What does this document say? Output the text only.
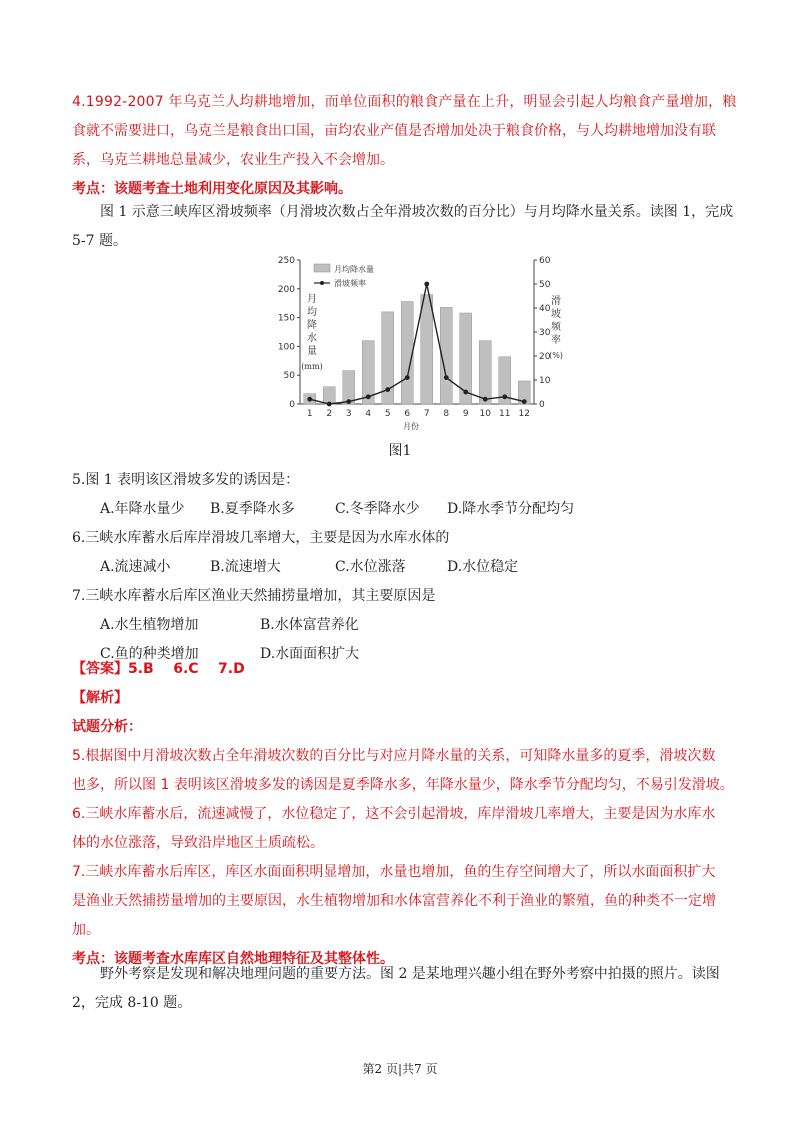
4.1992-2007 年乌克兰人均耕地增加，而单位面积的粮食产量在上升，明显会引起人均粮食产量增加，粮
食就不需要进口，乌克兰是粮食出口国，亩均农业产值是否增加处决于粮食价格，与人均耕地增加没有联
系，乌克兰耕地总量减少，农业生产投入不会增加。
考点：该题考查土地利用变化原因及其影响。
图 1 示意三峡库区滑坡频率（月滑坡次数占全年滑坡次数的百分比）与月均降水量关系。读图 1，完成
5-7 题。
0
50
100
150
200
250
0
10
20
30
40
50
60
1 2 3 4 5 6 7 8 9 10 11 12
月份
月
均
降
水
量
(mm)
滑
坡
频
率
(%)
月均降水量
滑坡频率
图1
5.图 1 表明该区滑坡多发的诱因是：
A.年降水量少 B.夏季降水多	C.冬季降水少 D.降水季节分配均匀
6.三峡水库蓄水后库岸滑坡几率增大，主要是因为水库水体的
A.流速减小	B.流速增大	C.水位涨落	D.水位稳定
7.三峡水库蓄水后库区渔业天然捕捞量增加，其主要原因是
A.水生植物增加	B.水体富营养化
C.鱼的种类增加	D.水面面积扩大
【答案】5.B    6.C    7.D
【解析】
试题分析：
5.根据图中月滑坡次数占全年滑坡次数的百分比与对应月降水量的关系，可知降水量多的夏季，滑坡次数
也多，所以图 1 表明该区滑坡多发的诱因是夏季降水多，年降水量少，降水季节分配均匀，不易引发滑坡。
6.三峡水库蓄水后，流速减慢了，水位稳定了，这不会引起滑坡，库岸滑坡几率增大，主要是因为水库水
体的水位涨落，导致沿岸地区土质疏松。
7.三峡水库蓄水后库区，库区水面面积明显增加，水量也增加，鱼的生存空间增大了，所以水面面积扩大
是渔业天然捕捞量增加的主要原因，水生植物增加和水体富营养化不利于渔业的繁殖，鱼的种类不一定增
加。
考点：该题考查水库库区自然地理特征及其整体性。
野外考察是发现和解决地理问题的重要方法。图 2 是某地理兴趣小组在野外考察中拍摄的照片。读图
2，完成 8-10 题。
第2 页|共7 页
